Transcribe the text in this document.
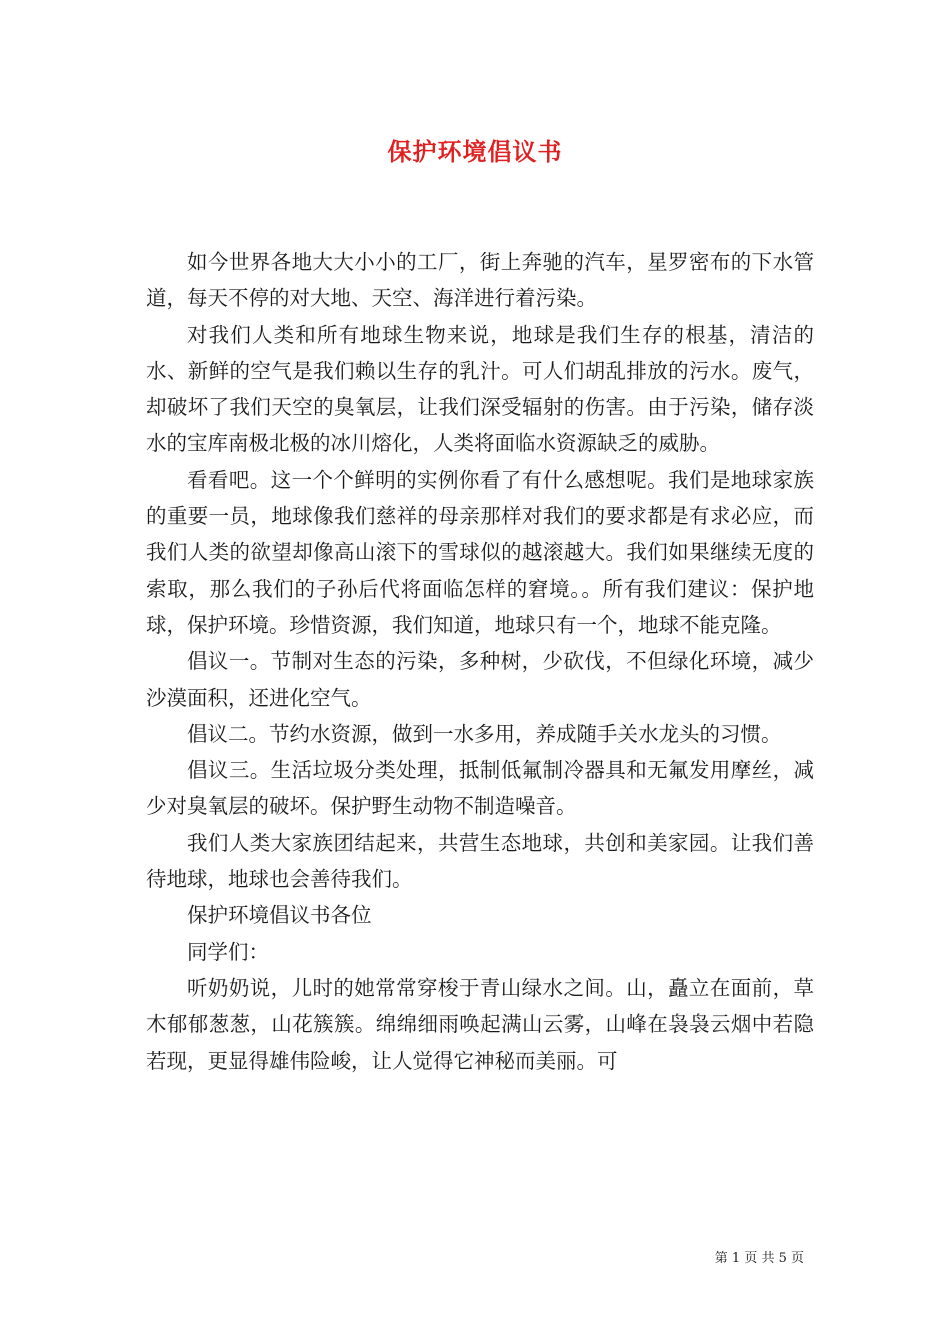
保护环境倡议书

如今世界各地大大小小的工厂，街上奔驰的汽车，星罗密布的下水管道，每天不停的对大地、天空、海洋进行着污染。

对我们人类和所有地球生物来说，地球是我们生存的根基，清洁的水、新鲜的空气是我们赖以生存的乳汁。可人们胡乱排放的污水。废气，却破坏了我们天空的臭氧层，让我们深受辐射的伤害。由于污染，储存淡水的宝库南极北极的冰川熔化，人类将面临水资源缺乏的威胁。

看看吧。这一个个鲜明的实例你看了有什么感想呢。我们是地球家族的重要一员，地球像我们慈祥的母亲那样对我们的要求都是有求必应，而我们人类的欲望却像高山滚下的雪球似的越滚越大。我们如果继续无度的索取，那么我们的子孙后代将面临怎样的窘境。。所有我们建议：保护地球，保护环境。珍惜资源，我们知道，地球只有一个，地球不能克隆。

倡议一。节制对生态的污染，多种树，少砍伐，不但绿化环境，减少沙漠面积，还进化空气。

倡议二。节约水资源，做到一水多用，养成随手关水龙头的习惯。

倡议三。生活垃圾分类处理，抵制低氟制冷器具和无氟发用摩丝，减少对臭氧层的破坏。保护野生动物不制造噪音。

我们人类大家族团结起来，共营生态地球，共创和美家园。让我们善待地球，地球也会善待我们。

保护环境倡议书各位

同学们：

听奶奶说，儿时的她常常穿梭于青山绿水之间。山，矗立在面前，草木郁郁葱葱，山花簇簇。绵绵细雨唤起满山云雾，山峰在袅袅云烟中若隐若现，更显得雄伟险峻，让人觉得它神秘而美丽。可

第 1 页 共 5 页
